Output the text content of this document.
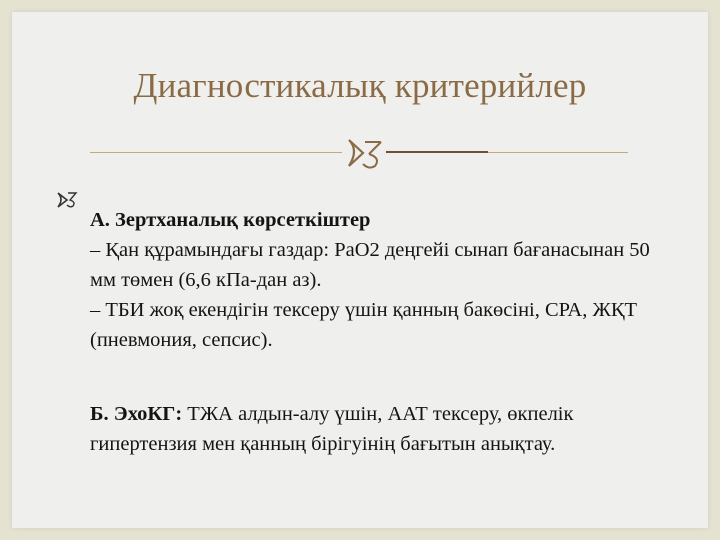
Диагностикалық критерийлер

А. Зертханалық көрсеткіштер

‒ Қан құрамындағы газдар: РаО2 деңгейі сынап бағанасынан 50 мм төмен (6,6 кПа-дан аз).

‒ ТБИ жоқ екендігін тексеру үшін қанның бакөсіні, СРА, ЖҚТ (пневмония, сепсис).

Б. ЭхоКГ: ТЖА алдын-алу үшін, ААТ тексеру, өкпелік гипертензия мен қанның бірігуінің бағытын анықтау.
